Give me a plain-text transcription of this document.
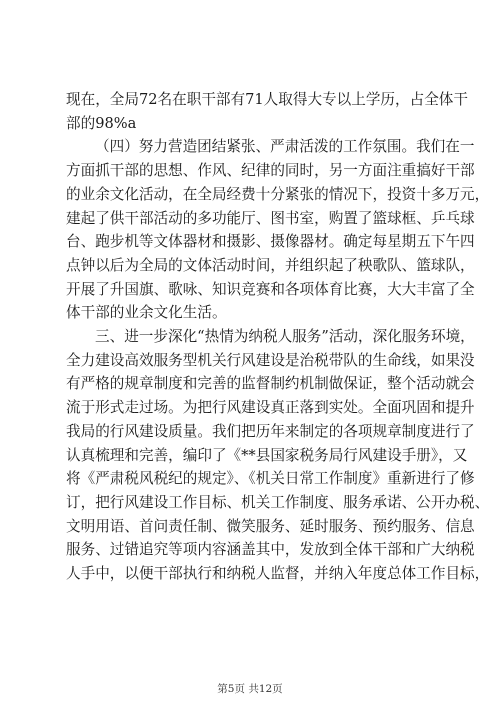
现在，全局72名在职干部有71人取得大专以上学历，占全体干
部的98%a

（四）努力营造团结紧张、严肃活泼的工作氛围。我们在一
方面抓干部的思想、作风、纪律的同时，另一方面注重搞好干部
的业余文化活动，在全局经费十分紧张的情况下，投资十多万元，
建起了供干部活动的多功能厅、图书室，购置了篮球框、乒乓球
台、跑步机等文体器材和摄影、摄像器材。确定每星期五下午四
点钟以后为全局的文体活动时间，并组织起了秧歌队、篮球队，
开展了升国旗、歌咏、知识竞赛和各项体育比赛，大大丰富了全
体干部的业余文化生活。

三、进一步深化“热情为纳税人服务”活动，深化服务环境，
全力建设高效服务型机关行风建设是治税带队的生命线，如果没
有严格的规章制度和完善的监督制约机制做保证，整个活动就会
流于形式走过场。为把行风建设真正落到实处。全面巩固和提升
我局的行风建设质量。我们把历年来制定的各项规章制度进行了
认真梳理和完善，编印了《**县国家税务局行风建设手册》，又
将《严肃税风税纪的规定》、《机关日常工作制度》重新进行了修
订，把行风建设工作目标、机关工作制度、服务承诺、公开办税、
文明用语、首问责任制、微笑服务、延时服务、预约服务、信息
服务、过错追究等项内容涵盖其中，发放到全体干部和广大纳税
人手中，以便干部执行和纳税人监督，并纳入年度总体工作目标，

第5页 共12页
